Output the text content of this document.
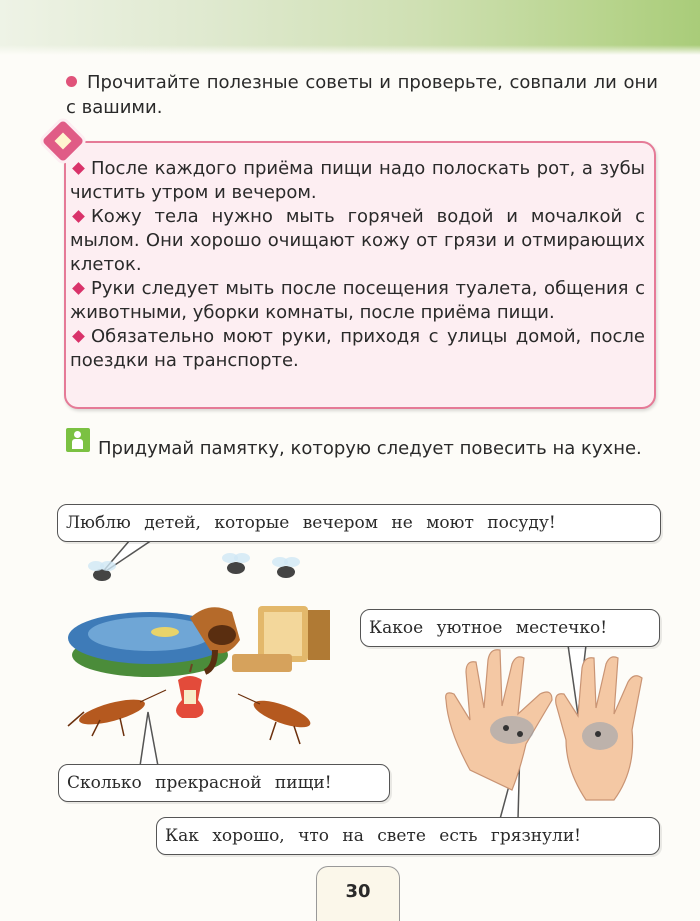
Прочитайте полезные советы и проверьте, совпали ли они с вашими.

После каждого приёма пищи надо полоскать рот, а зубы чистить утром и вечером.

Кожу тела нужно мыть горячей водой и мочалкой с мылом. Они хорошо очищают кожу от грязи и отмирающих клеток.

Руки следует мыть после посещения туалета, общения с животными, уборки комнаты, после приёма пищи.

Обязательно моют руки, приходя с улицы домой, после поездки на транспорте.

Придумай памятку, которую следует повесить на кухне.
Люблю детей, которые вечером не моют посуду!
Какое уютное местечко!
Сколько прекрасной пищи!
Как хорошо, что на свете есть грязнули!
30
